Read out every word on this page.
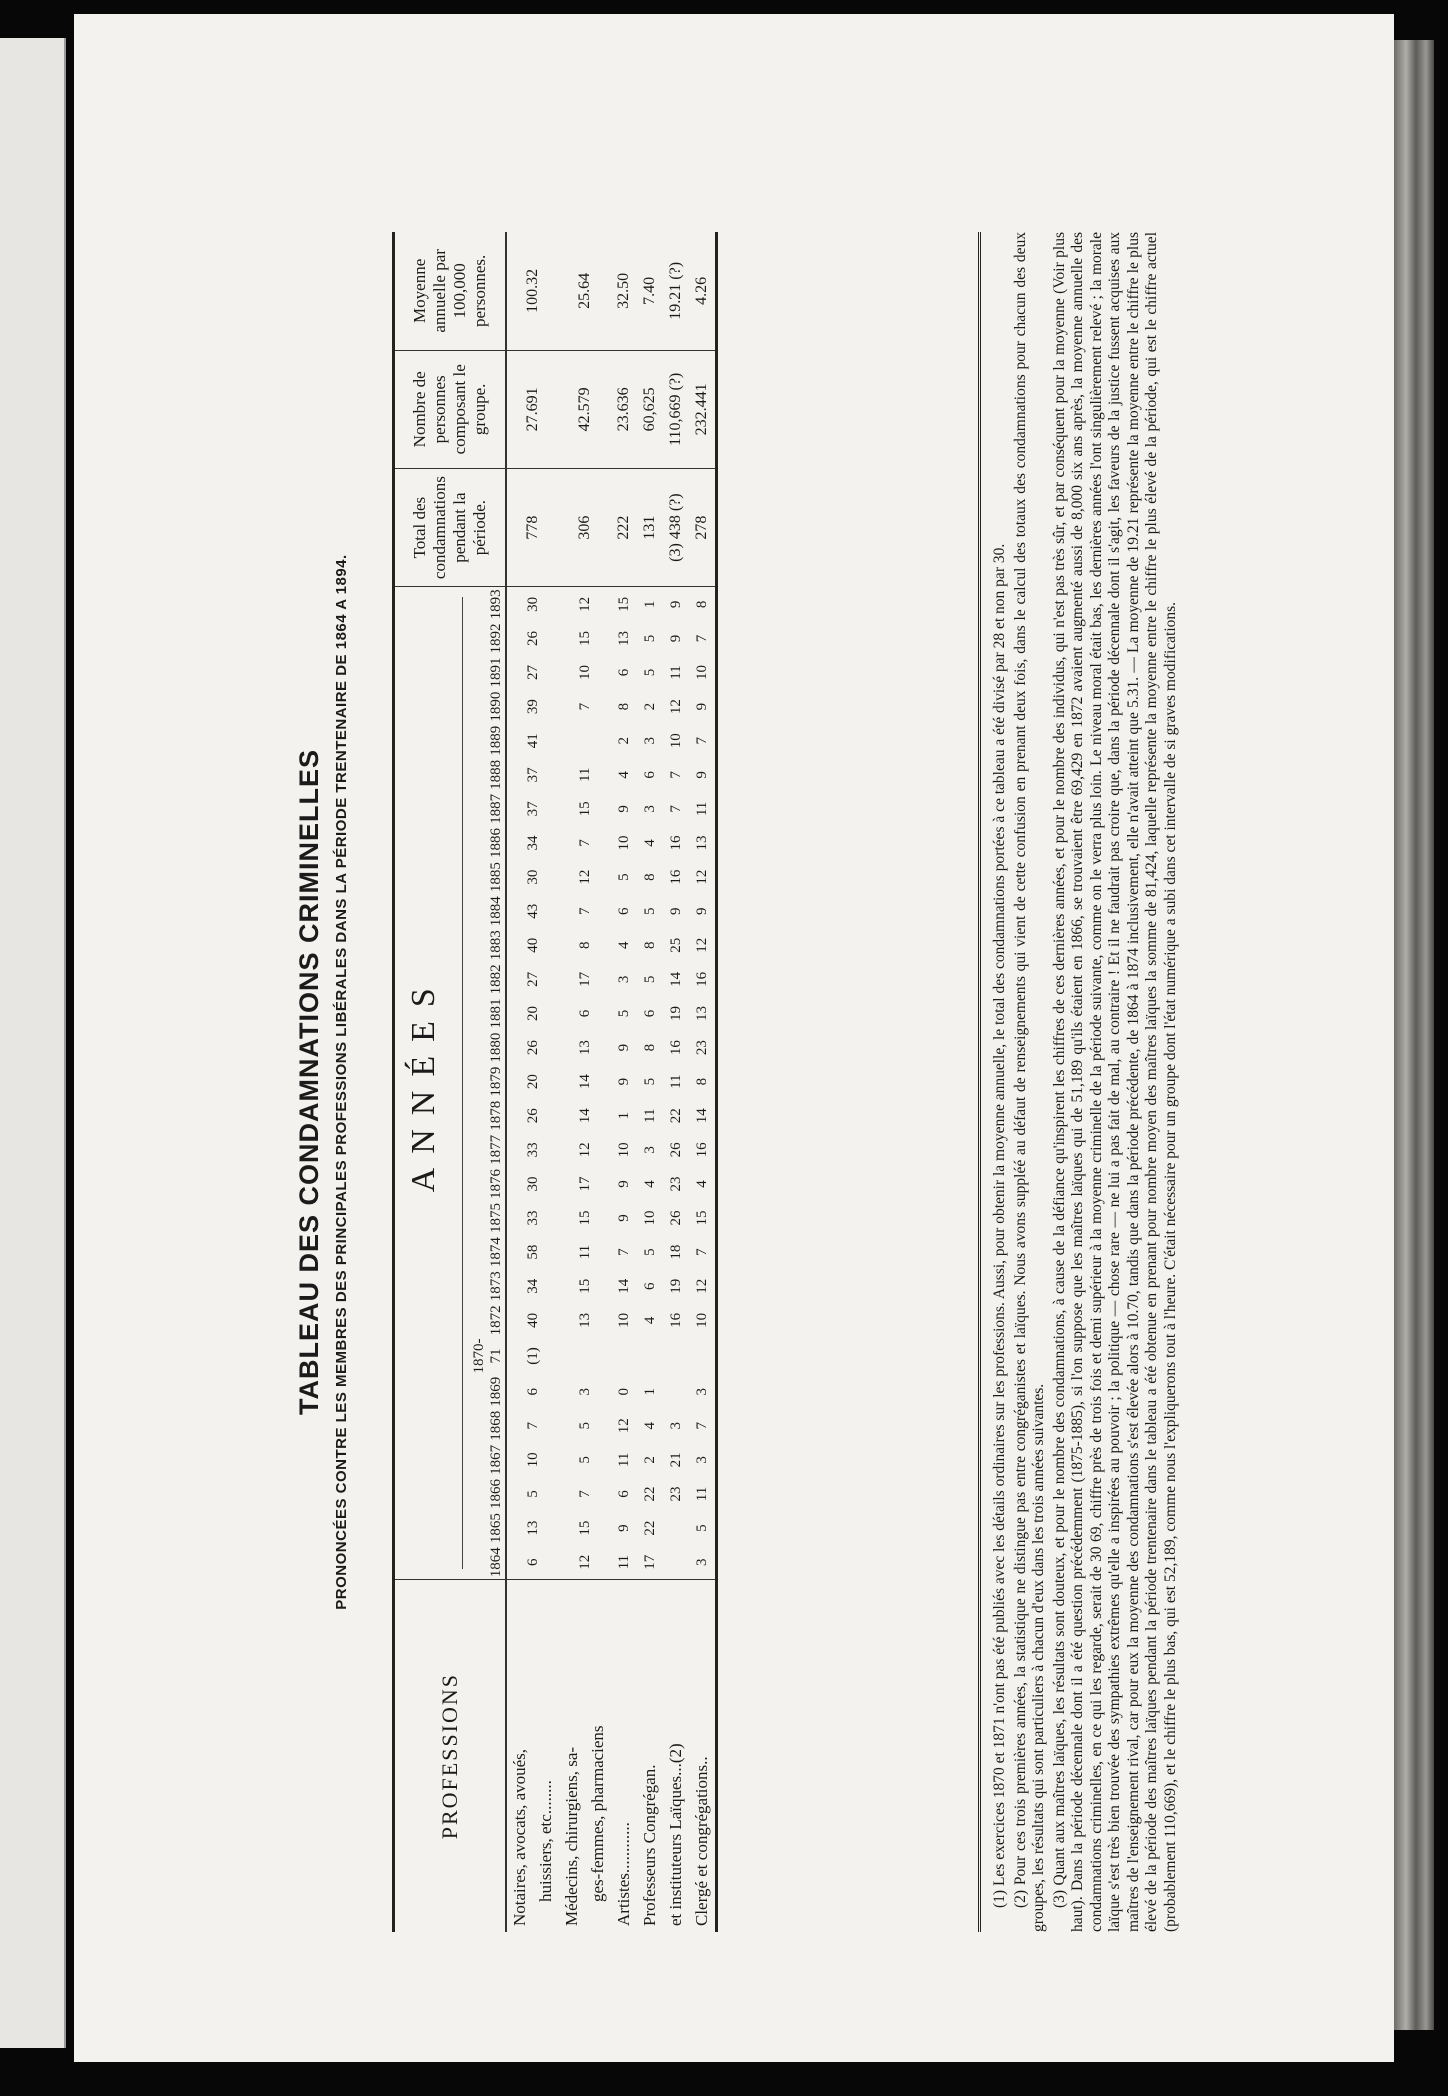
TABLEAU DES CONDAMNATIONS CRIMINELLES PRONONCÉES CONTRE LES MEMBRES DES PRINCIPALES PROFESSIONS LIBÉRALES DANS LA PÉRIODE TRENTENAIRE DE 1864 A 1894.
PROFESSIONS	ANNÉES																													Total des condamnations pendant la période.	Nombre de personnes composant le groupe.	Moyenne annuelle par 100,000 personnes.

	1864	1865	1866	1867	1868	1869	1870-71	1872	1873	1874	1875	1876	1877	1878	1879	1880	1881	1882	1883	1884	1885	1886	1887	1888	1889	1890	1891	1892	1893			

Notaires, avocats, avoués, huissiers, etc........	6	13	5	10	7	6	(1)	40	34	58	33	30	33	26	20	26	20	27	40	43	30	34	37	37	41	39	27	26	30	778	27.691	100.32

Médecins, chirurgiens, sa- ges-femmes, pharmaciens	12	15	7	5	5	3		13	15	11	15	17	12	14	14	13	6	17	8	7	12	7	15	11		7	10	15	12	306	42.579	25.64

Artistes............	11	9	6	11	12	0		10	14	7	9	9	10	1	9	9	5	3	4	6	5	10	9	4	2	8	6	13	15	222	23.636	32.50

Professeurs Congrégan.	17	22	22	2	4	1		4	6	5	10	4	3	11	5	8	6	5	8	5	8	4	3	6	3	2	5	5	1	131	60,625	7.40

et instituteurs Laïques...(2)			23	21	3			16	19	18	26	23	26	22	11	16	19	14	25	9	16	16	7	7	10	12	11	9	9	(3) 438 (?)	110,669 (?)	19.21 (?)

Clergé et congrégations..	3	5	11	3	7	3		10	12	7	15	4	16	14	8	23	13	16	12	9	12	13	11	9	7	9	10	7	8	278	232.441	4.26

(1) Les exercices 1870 et 1871 n'ont pas été publiés avec les détails ordinaires sur les professions. Aussi, pour obtenir la moyenne annuelle, le total des condamnations portées à ce tableau a été divisé par 28 et non par 30. (2) Pour ces trois premières années, la statistique ne distingue pas entre congréganistes et laïques. Nous avons suppléé au défaut de renseignements qui vient de cette confusion en prenant deux fois, dans le calcul des totaux des condamnations pour chacun des deux groupes, les résultats qui sont particuliers à chacun d'eux dans les trois années suivantes. (3) Quant aux maîtres laïques, les résultats sont douteux, et pour le nombre des condamnations, à cause de la défiance qu'inspirent les chiffres de ces dernières années, et pour le nombre des individus, qui n'est pas très sûr, et par conséquent pour la moyenne (Voir plus haut). Dans la période décennale dont il a été question précédemment (1875-1885), si l'on suppose que les maîtres laïques qui de 51,189 qu'ils étaient en 1866, se trouvaient être 69,429 en 1872 avaient augmenté aussi de 8,000 six ans après, la moyenne annuelle des condamnations criminelles, en ce qui les regarde, serait de 30 69, chiffre près de trois fois et demi supérieur à la moyenne criminelle de la période suivante, comme on le verra plus loin. Le niveau moral était bas, les dernières années l'ont singulièrement relevé ; la morale laïque s'est très bien trouvée des sympathies extrêmes qu'elle a inspirées au pouvoir ; la politique — chose rare — ne lui a pas fait de mal, au contraire ! Et il ne faudrait pas croire que, dans la période décennale dont il s'agit, les faveurs de la justice fussent acquises aux maîtres de l'enseignement rival, car pour eux la moyenne des condamnations s'est élevée alors à 10.70, tandis que dans la période précédente, de 1864 à 1874 inclusivement, elle n'avait atteint que 5.31. — La moyenne de 19.21 représente la moyenne entre le chiffre le plus élevé de la période des maîtres laïques pendant la période trentenaire dans le tableau a été obtenue en prenant pour nombre moyen des maîtres laïques la somme de 81,424, laquelle représente la moyenne entre le chiffre le plus élevé de la période, qui est le chiffre actuel (probablement 110,669), et le chiffre le plus bas, qui est 52,189, comme nous l'expliquerons tout à l'heure. C'était nécessaire pour un groupe dont l'état numérique a subi dans cet intervalle de si graves modifications.
